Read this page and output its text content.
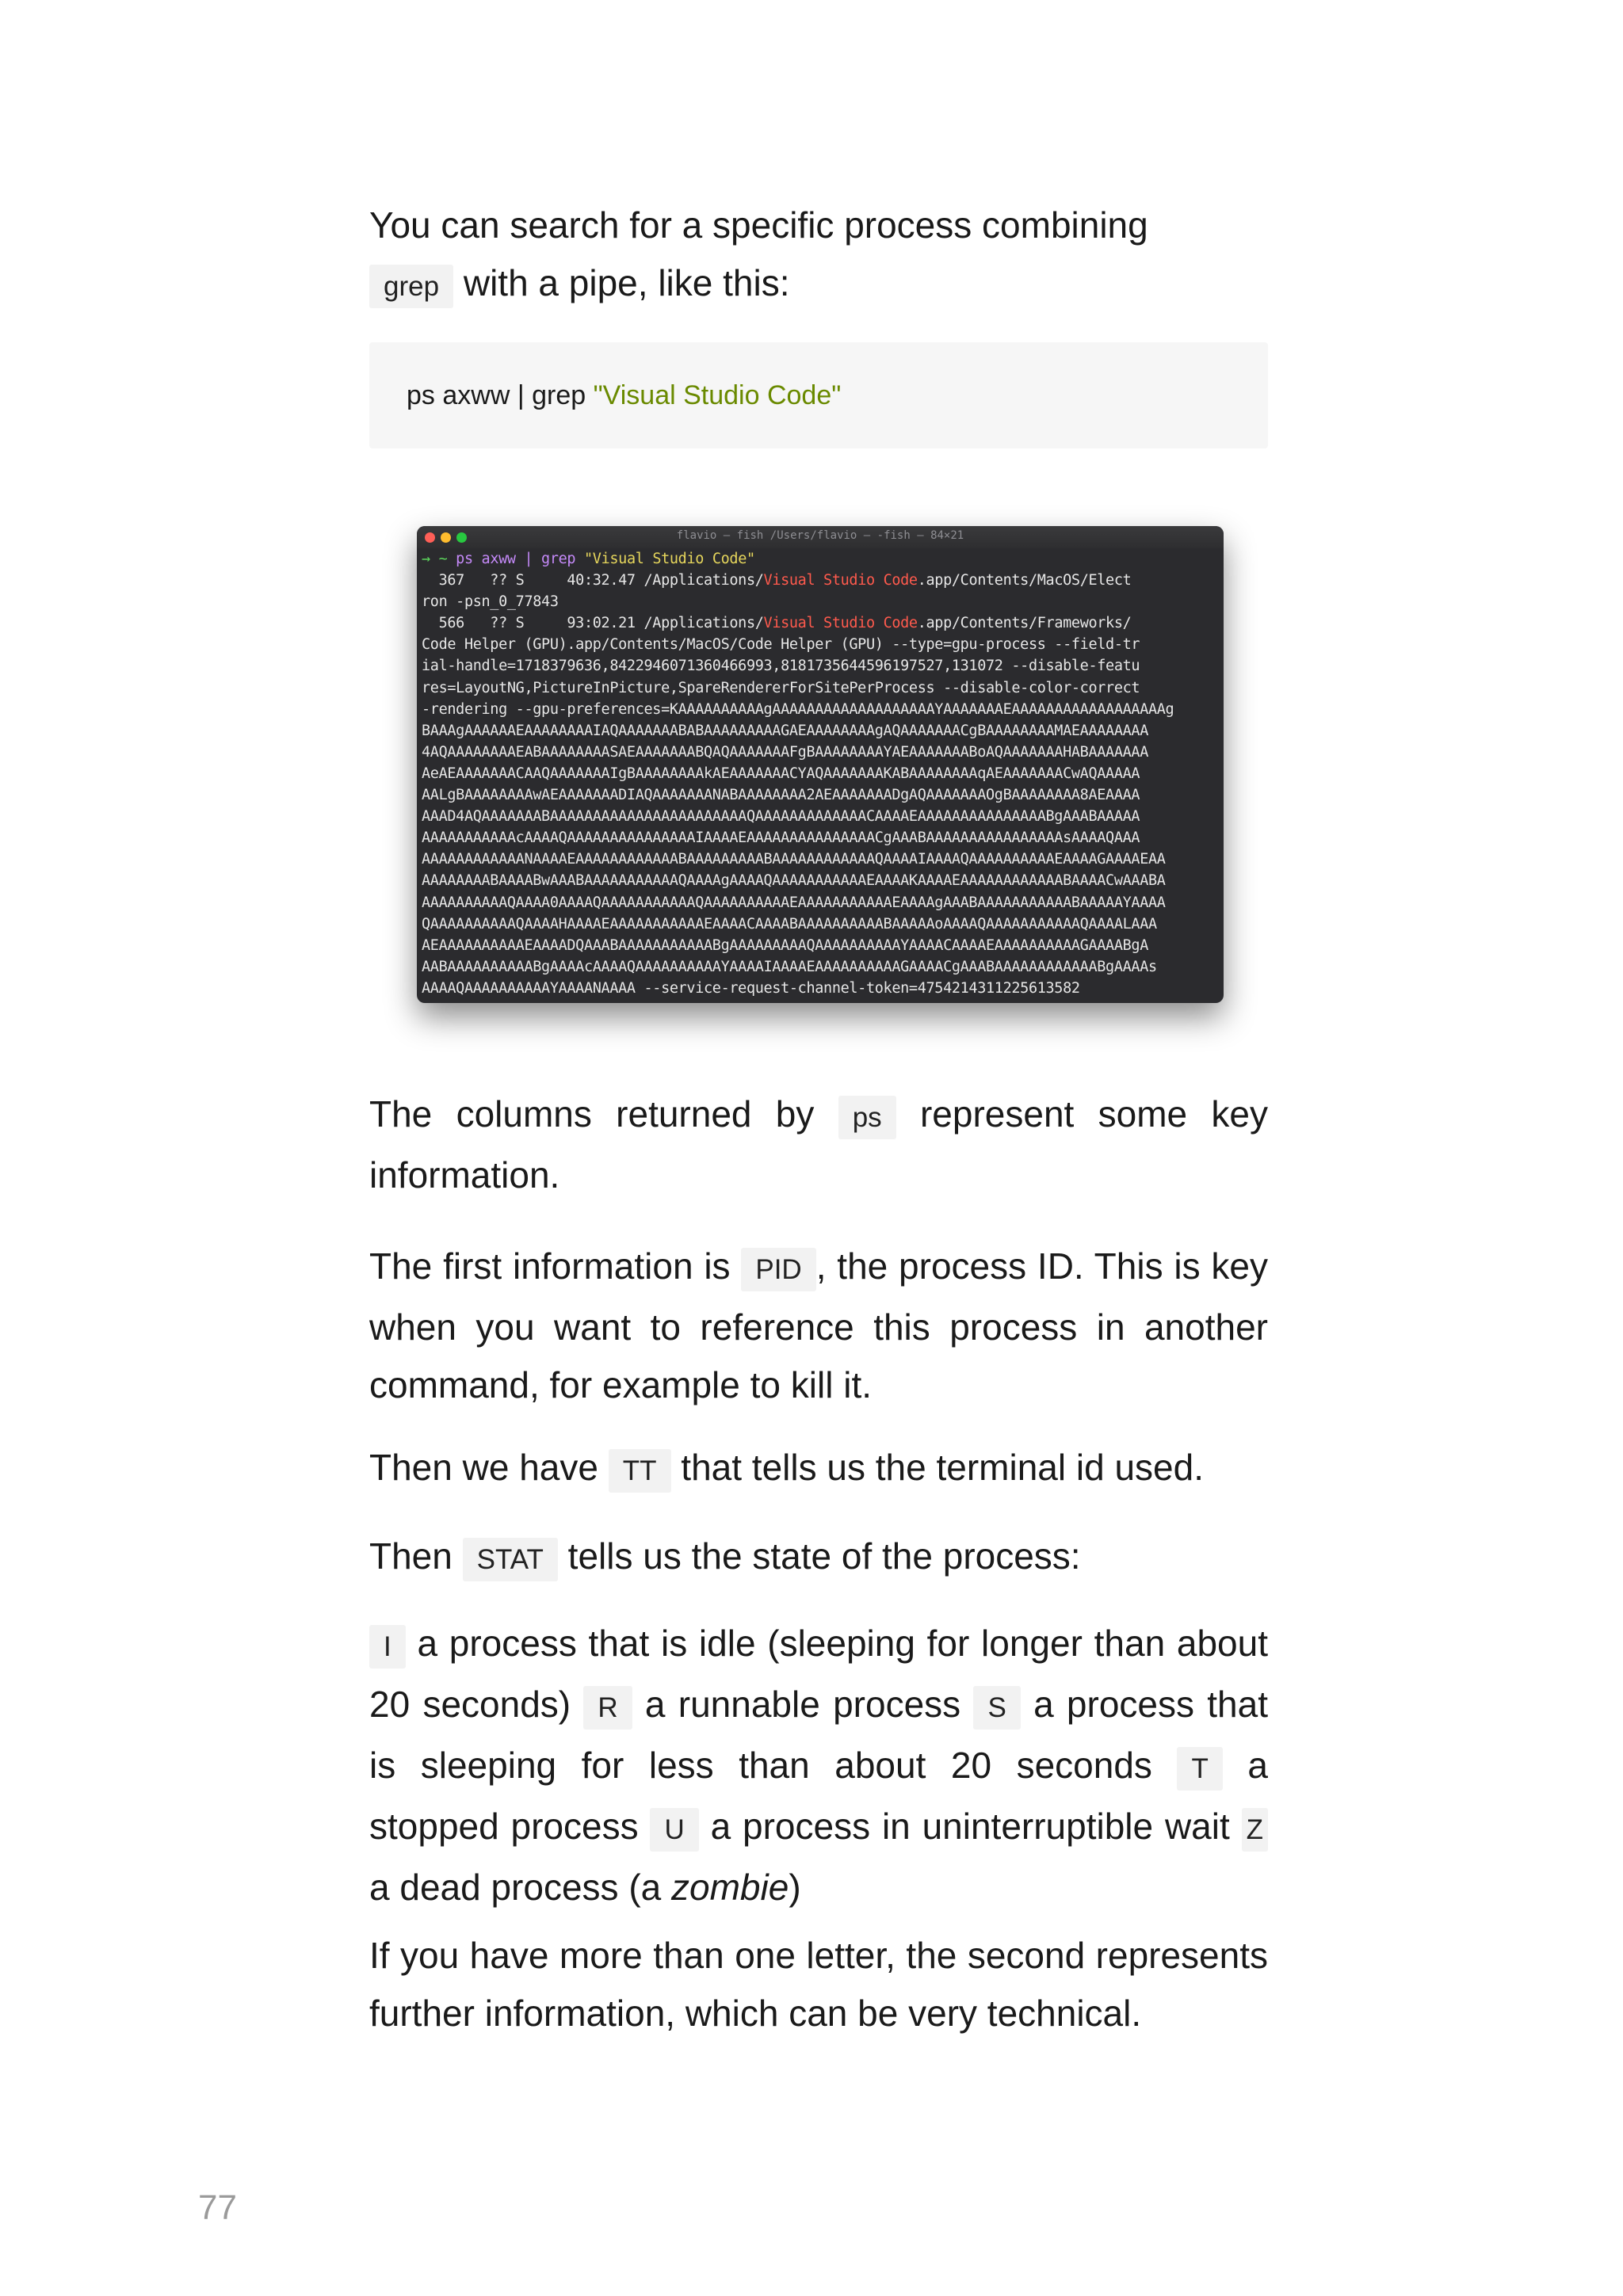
You can search for a specific process combining
grep with a pipe, like this:

ps axww | grep "Visual Studio Code"
flavio — fish /Users/flavio — -fish — 84×21
→ ~ ps axww | grep "Visual Studio Code"
367   ?? S     40:32.47 /Applications/Visual Studio Code.app/Contents/MacOS/Elect
ron -psn_0_77843
566   ?? S     93:02.21 /Applications/Visual Studio Code.app/Contents/Frameworks/
Code Helper (GPU).app/Contents/MacOS/Code Helper (GPU) --type=gpu-process --field-tr
ial-handle=1718379636,8422946071360466993,8181735644596197527,131072 --disable-featu
res=LayoutNG,PictureInPicture,SpareRendererForSitePerProcess --disable-color-correct
-rendering --gpu-preferences=KAAAAAAAAAAgAAAAAAAAAAAAAAAAAAAYAAAAAAAEAAAAAAAAAAAAAAAAAAg
BAAAgAAAAAAEAAAAAAAAIAQAAAAAAABABAAAAAAAAAGAEAAAAAAAAgAQAAAAAAACgBAAAAAAAAMAEAAAAAAAA
4AQAAAAAAAAEABAAAAAAAASAEAAAAAAABQAQAAAAAAAFgBAAAAAAAAYAEAAAAAAABoAQAAAAAAAHABAAAAAAA
AeAEAAAAAAACAAQAAAAAAAIgBAAAAAAAAkAEAAAAAAACYAQAAAAAAAKABAAAAAAAAqAEAAAAAAACwAQAAAAA
AALgBAAAAAAAAwAEAAAAAAADIAQAAAAAAANABAAAAAAAA2AEAAAAAAADgAQAAAAAAAOgBAAAAAAAA8AEAAAA
AAAD4AQAAAAAAABAAAAAAAAAAAAAAAAAAAAAAAQAAAAAAAAAAAAACAAAAEAAAAAAAAAAAAAAABgAAABAAAAA
AAAAAAAAAAAcAAAAQAAAAAAAAAAAAAAAIAAAAEAAAAAAAAAAAAAAACgAAABAAAAAAAAAAAAAAAAsAAAAQAAA
AAAAAAAAAAAANAAAAEAAAAAAAAAAAABAAAAAAAAABAAAAAAAAAAAAQAAAAIAAAAQAAAAAAAAAAEAAAAGAAAAEAA
AAAAAAAABAAAABwAAABAAAAAAAAAAAQAAAAgAAAAQAAAAAAAAAAAEAAAAKAAAAEAAAAAAAAAAAABAAAACwAAABA
AAAAAAAAAAQAAAA0AAAAQAAAAAAAAAAAQAAAAAAAAAAEAAAAAAAAAAAEAAAAgAAABAAAAAAAAAAABAAAAAYAAAA
QAAAAAAAAAAQAAAAHAAAAEAAAAAAAAAAAEAAAACAAAABAAAAAAAAAABAAAAAoAAAAQAAAAAAAAAAAQAAAALAAA
AEAAAAAAAAAAEAAAADQAAABAAAAAAAAAAABgAAAAAAAAAQAAAAAAAAAAYAAAACAAAAEAAAAAAAAAAGAAAABgA
AABAAAAAAAAAABgAAAAcAAAAQAAAAAAAAAAYAAAAIAAAAEAAAAAAAAAAGAAAACgAAABAAAAAAAAAAAABgAAAAs
AAAAQAAAAAAAAAAYAAAANAAAA --service-request-channel-token=4754214311225613582

The columns returned by ps represent some key information.

The first information is PID , the process ID. This is key when you want to reference this process in another command, for example to kill it.

Then we have TT that tells us the terminal id used.

Then STAT tells us the state of the process:

I a process that is idle (sleeping for longer than about 20 seconds) R a runnable process S a process that is sleeping for less than about 20 seconds T a stopped process U a process in uninterruptible wait Z a dead process (a zombie)

If you have more than one letter, the second represents further information, which can be very technical.

77
